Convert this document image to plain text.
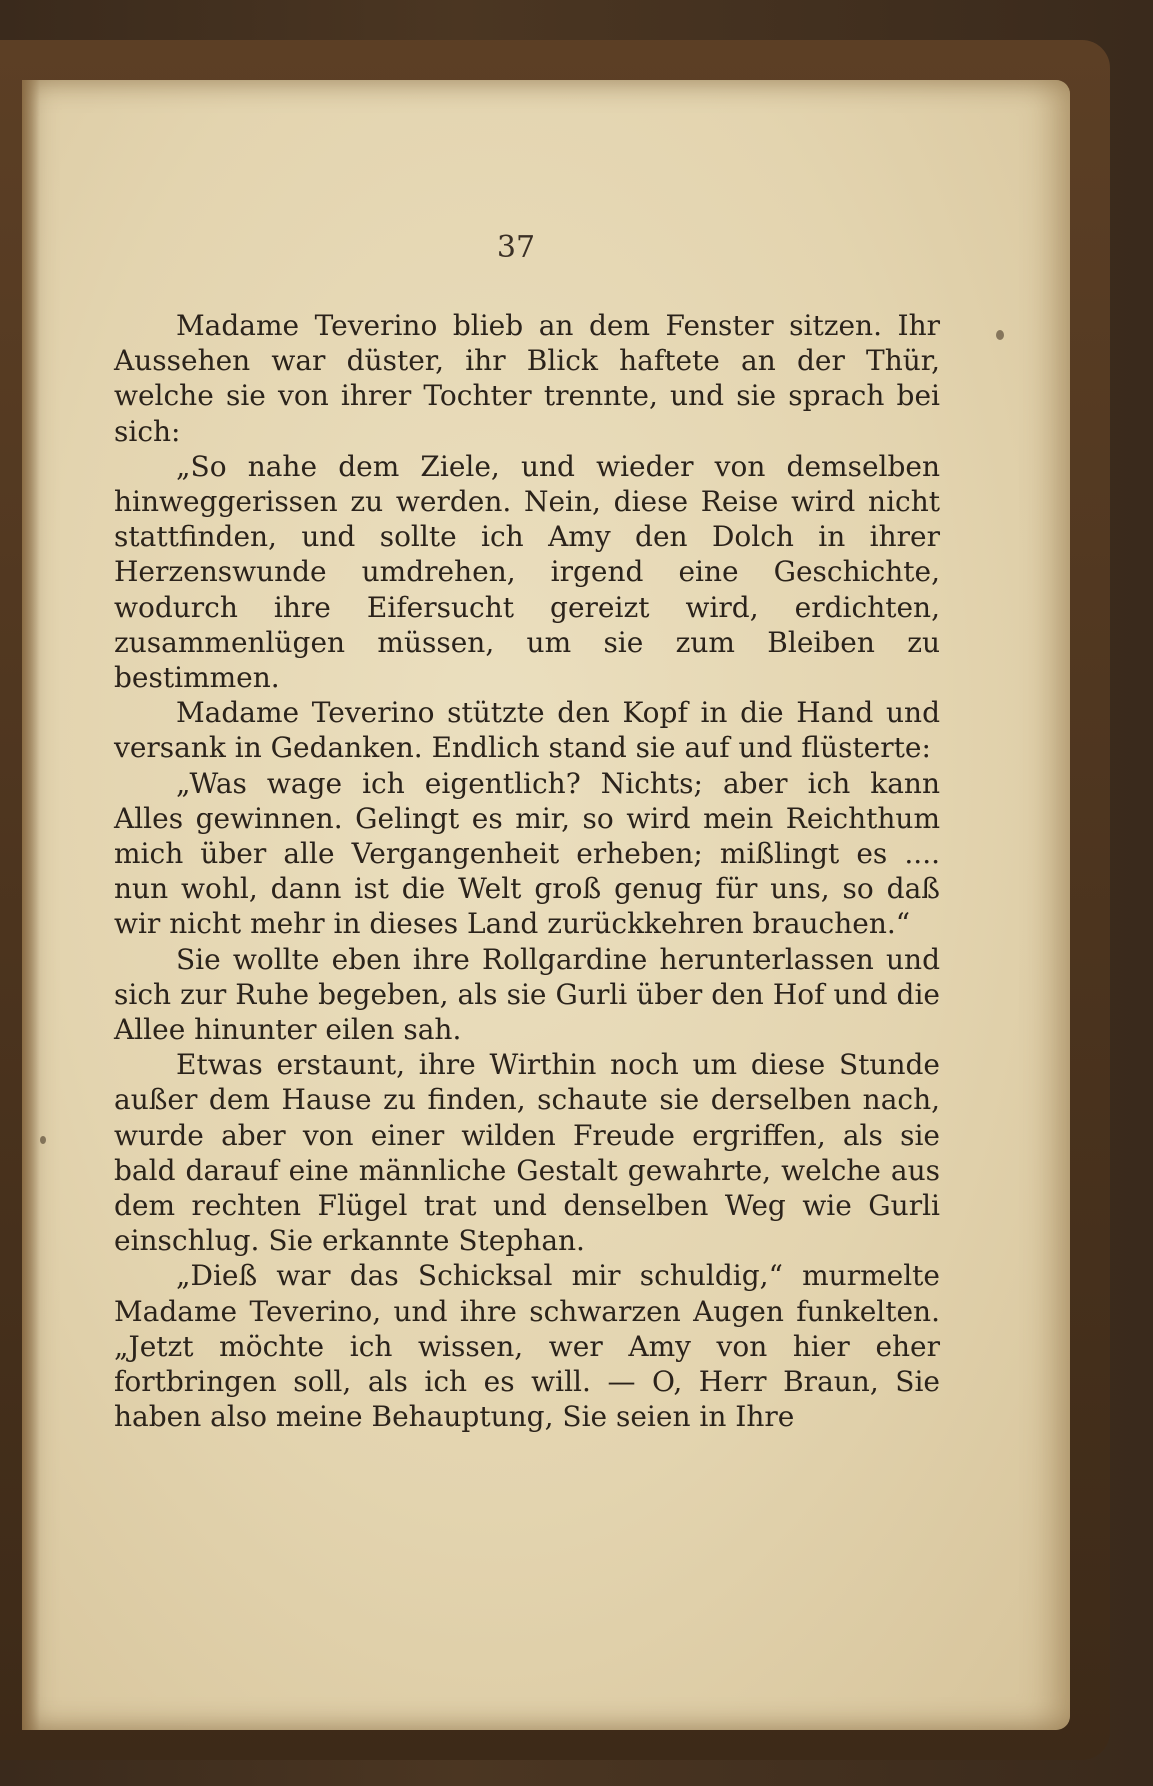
37

Madame Teverino blieb an dem Fenster sitzen. Ihr Aussehen war düster, ihr Blick haftete an der Thür, welche sie von ihrer Tochter trennte, und sie sprach bei sich:

„So nahe dem Ziele, und wieder von demselben hinweggerissen zu werden. Nein, diese Reise wird nicht stattfinden, und sollte ich Amy den Dolch in ihrer Herzenswunde umdrehen, irgend eine Geschichte, wodurch ihre Eifersucht gereizt wird, erdichten, zusammenlügen müssen, um sie zum Bleiben zu bestimmen.

Madame Teverino stützte den Kopf in die Hand und versank in Gedanken. Endlich stand sie auf und flüsterte:

„Was wage ich eigentlich? Nichts; aber ich kann Alles gewinnen. Gelingt es mir, so wird mein Reichthum mich über alle Vergangenheit erheben; mißlingt es .... nun wohl, dann ist die Welt groß genug für uns, so daß wir nicht mehr in dieses Land zurückkehren brauchen.“

Sie wollte eben ihre Rollgardine herunterlassen und sich zur Ruhe begeben, als sie Gurli über den Hof und die Allee hinunter eilen sah.

Etwas erstaunt, ihre Wirthin noch um diese Stunde außer dem Hause zu finden, schaute sie derselben nach, wurde aber von einer wilden Freude ergriffen, als sie bald darauf eine männliche Gestalt gewahrte, welche aus dem rechten Flügel trat und denselben Weg wie Gurli einschlug. Sie erkannte Stephan.

„Dieß war das Schicksal mir schuldig,“ murmelte Madame Teverino, und ihre schwarzen Augen funkelten. „Jetzt möchte ich wissen, wer Amy von hier eher fortbringen soll, als ich es will. — O, Herr Braun, Sie haben also meine Behauptung, Sie seien in Ihre
